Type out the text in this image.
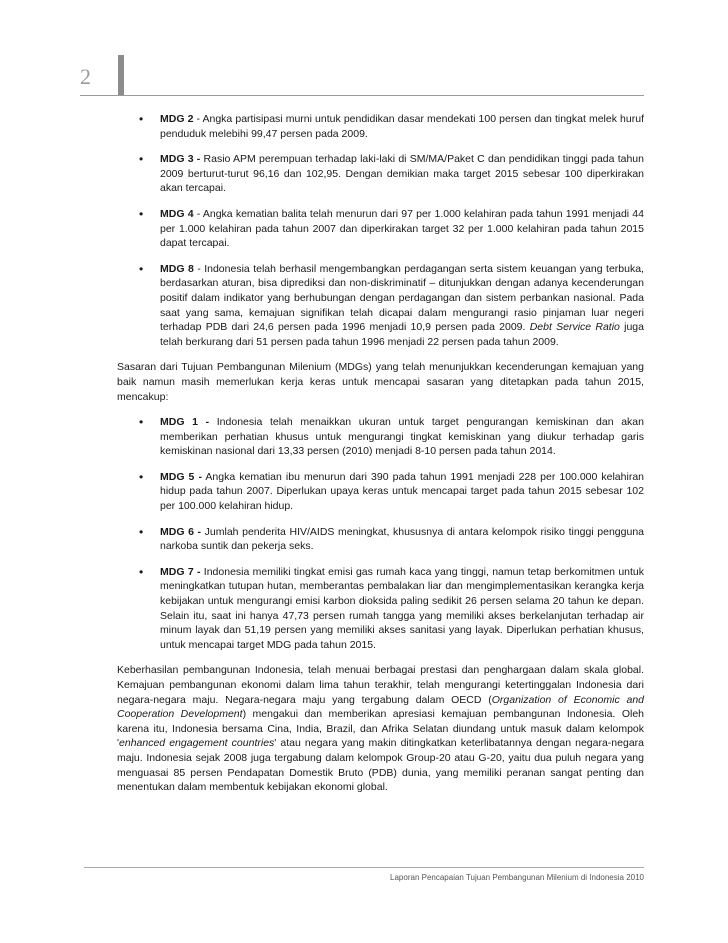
2
• MDG 2 - Angka partisipasi murni untuk pendidikan dasar mendekati 100 persen dan tingkat melek huruf penduduk melebihi 99,47 persen pada 2009.
• MDG 3 - Rasio APM perempuan terhadap laki-laki di SM/MA/Paket C dan pendidikan tinggi pada tahun 2009 berturut-turut 96,16 dan 102,95. Dengan demikian maka target 2015 sebesar 100 diperkirakan akan tercapai.
• MDG 4 - Angka kematian balita telah menurun dari 97 per 1.000 kelahiran pada tahun 1991 menjadi 44 per 1.000 kelahiran pada tahun 2007 dan diperkirakan target 32 per 1.000 kelahiran pada tahun 2015 dapat tercapai.
• MDG 8 - Indonesia telah berhasil mengembangkan perdagangan serta sistem keuangan yang terbuka, berdasarkan aturan, bisa diprediksi dan non-diskriminatif – ditunjukkan dengan adanya kecenderungan positif dalam indikator yang berhubungan dengan perdagangan dan sistem perbankan nasional. Pada saat yang sama, kemajuan signifikan telah dicapai dalam mengurangi rasio pinjaman luar negeri terhadap PDB dari 24,6 persen pada 1996 menjadi 10,9 persen pada 2009. Debt Service Ratio juga telah berkurang dari 51 persen pada tahun 1996 menjadi 22 persen pada tahun 2009.

Sasaran dari Tujuan Pembangunan Milenium (MDGs) yang telah menunjukkan kecenderungan kemajuan yang baik namun masih memerlukan kerja keras untuk mencapai sasaran yang ditetapkan pada tahun 2015, mencakup:

• MDG 1 - Indonesia telah menaikkan ukuran untuk target pengurangan kemiskinan dan akan memberikan perhatian khusus untuk mengurangi tingkat kemiskinan yang diukur terhadap garis kemiskinan nasional dari 13,33 persen (2010) menjadi 8-10 persen pada tahun 2014.
• MDG 5 - Angka kematian ibu menurun dari 390 pada tahun 1991 menjadi 228 per 100.000 kelahiran hidup pada tahun 2007. Diperlukan upaya keras untuk mencapai target pada tahun 2015 sebesar 102 per 100.000 kelahiran hidup.
• MDG 6 - Jumlah penderita HIV/AIDS meningkat, khususnya di antara kelompok risiko tinggi pengguna narkoba suntik dan pekerja seks.
• MDG 7 - Indonesia memiliki tingkat emisi gas rumah kaca yang tinggi, namun tetap berkomitmen untuk meningkatkan tutupan hutan, memberantas pembalakan liar dan mengimplementasikan kerangka kerja kebijakan untuk mengurangi emisi karbon dioksida paling sedikit 26 persen selama 20 tahun ke depan. Selain itu, saat ini hanya 47,73 persen rumah tangga yang memiliki akses berkelanjutan terhadap air minum layak dan 51,19 persen yang memiliki akses sanitasi yang layak. Diperlukan perhatian khusus, untuk mencapai target MDG pada tahun 2015.

Keberhasilan pembangunan Indonesia, telah menuai berbagai prestasi dan penghargaan dalam skala global. Kemajuan pembangunan ekonomi dalam lima tahun terakhir, telah mengurangi ketertinggalan Indonesia dari negara-negara maju. Negara-negara maju yang tergabung dalam OECD (Organization of Economic and Cooperation Development) mengakui dan memberikan apresiasi kemajuan pembangunan Indonesia. Oleh karena itu, Indonesia bersama Cina, India, Brazil, dan Afrika Selatan diundang untuk masuk dalam kelompok 'enhanced engagement countries' atau negara yang makin ditingkatkan keterlibatannya dengan negara-negara maju. Indonesia sejak 2008 juga tergabung dalam kelompok Group-20 atau G-20, yaitu dua puluh negara yang menguasai 85 persen Pendapatan Domestik Bruto (PDB) dunia, yang memiliki peranan sangat penting dan menentukan dalam membentuk kebijakan ekonomi global.

Laporan Pencapaian Tujuan Pembangunan Milenium di Indonesia 2010
